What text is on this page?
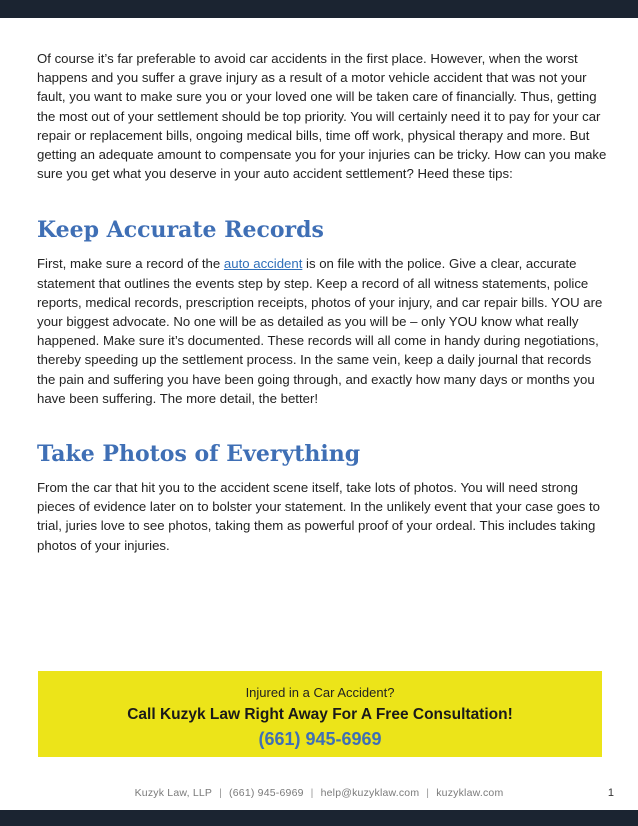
Of course it’s far preferable to avoid car accidents in the first place. However, when the worst happens and you suffer a grave injury as a result of a motor vehicle accident that was not your fault, you want to make sure you or your loved one will be taken care of financially. Thus, getting the most out of your settlement should be top priority. You will certainly need it to pay for your car repair or replacement bills, ongoing medical bills, time off work, physical therapy and more. But getting an adequate amount to compensate you for your injuries can be tricky. How can you make sure you get what you deserve in your auto accident settlement? Heed these tips:

Keep Accurate Records

First, make sure a record of the auto accident is on file with the police. Give a clear, accurate statement that outlines the events step by step. Keep a record of all witness statements, police reports, medical records, prescription receipts, photos of your injury, and car repair bills. YOU are your biggest advocate. No one will be as detailed as you will be – only YOU know what really happened. Make sure it’s documented. These records will all come in handy during negotiations, thereby speeding up the settlement process. In the same vein, keep a daily journal that records the pain and suffering you have been going through, and exactly how many days or months you have been suffering. The more detail, the better!

Take Photos of Everything

From the car that hit you to the accident scene itself, take lots of photos. You will need strong pieces of evidence later on to bolster your statement. In the unlikely event that your case goes to trial, juries love to see photos, taking them as powerful proof of your ordeal. This includes taking photos of your injuries.

Injured in a Car Accident?
Call Kuzyk Law Right Away For A Free Consultation!
(661) 945-6969
Kuzyk Law, LLP | (661) 945-6969 | help@kuzyklaw.com | kuzyklaw.com	1
